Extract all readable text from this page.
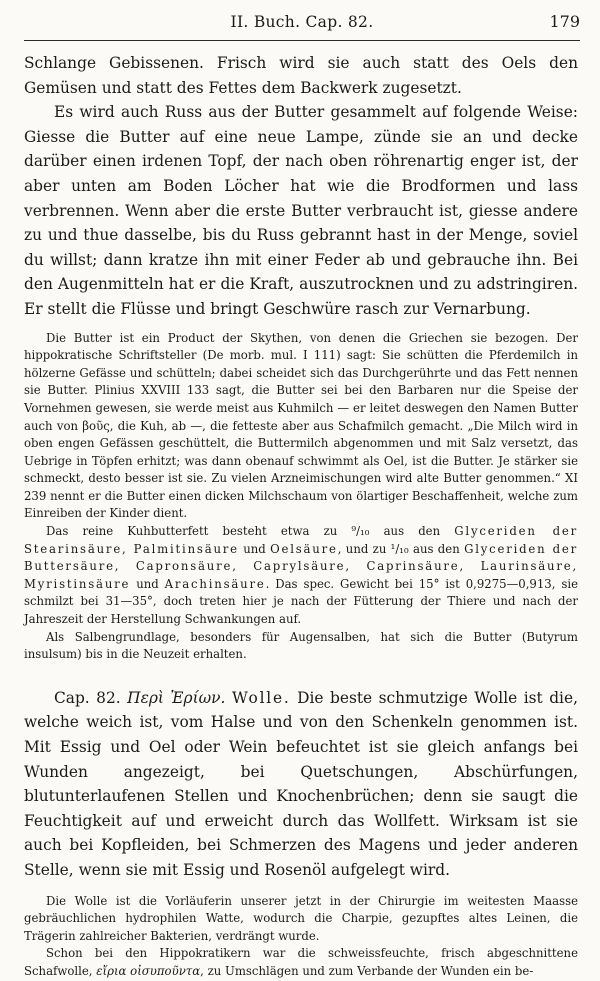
II. Buch. Cap. 82.	179

Schlange Gebissenen. Frisch wird sie auch statt des Oels den Gemüsen und statt des Fettes dem Backwerk zugesetzt.

Es wird auch Russ aus der Butter gesammelt auf folgende Weise: Giesse die Butter auf eine neue Lampe, zünde sie an und decke darüber einen irdenen Topf, der nach oben röhrenartig enger ist, der aber unten am Boden Löcher hat wie die Brodformen und lass verbrennen. Wenn aber die erste Butter verbraucht ist, giesse andere zu und thue dasselbe, bis du Russ gebrannt hast in der Menge, soviel du willst; dann kratze ihn mit einer Feder ab und gebrauche ihn. Bei den Augenmitteln hat er die Kraft, auszutrocknen und zu adstringiren. Er stellt die Flüsse und bringt Geschwüre rasch zur Vernarbung.

Die Butter ist ein Product der Skythen, von denen die Griechen sie bezogen. Der hippokratische Schriftsteller (De morb. mul. I 111) sagt: Sie schütten die Pferdemilch in hölzerne Gefässe und schütteln; dabei scheidet sich das Durchgerührte und das Fett nennen sie Butter. Plinius XXVIII 133 sagt, die Butter sei bei den Barbaren nur die Speise der Vornehmen gewesen, sie werde meist aus Kuhmilch — er leitet deswegen den Namen Butter auch von βοῦς, die Kuh, ab —, die fetteste aber aus Schafmilch gemacht. „Die Milch wird in oben engen Gefässen geschüttelt, die Buttermilch abgenommen und mit Salz versetzt, das Uebrige in Töpfen erhitzt; was dann obenauf schwimmt als Oel, ist die Butter. Je stärker sie schmeckt, desto besser ist sie. Zu vielen Arzneimischungen wird alte Butter genommen.“ XI 239 nennt er die Butter einen dicken Milchschaum von ölartiger Beschaffenheit, welche zum Einreiben der Kinder dient.

Das reine Kuhbutterfett besteht etwa zu ⁹/₁₀ aus den Glyceriden der Stearinsäure, Palmitinsäure und Oelsäure, und zu ¹/₁₀ aus den Glyceriden der Buttersäure, Capronsäure, Caprylsäure, Caprinsäure, Laurinsäure, Myristinsäure und Arachinsäure. Das spec. Gewicht bei 15° ist 0,9275—0,913, sie schmilzt bei 31—35°, doch treten hier je nach der Fütterung der Thiere und nach der Jahreszeit der Herstellung Schwankungen auf.

Als Salbengrundlage, besonders für Augensalben, hat sich die Butter (Butyrum insulsum) bis in die Neuzeit erhalten.

Cap. 82. Περὶ Ἐρίων. Wolle. Die beste schmutzige Wolle ist die, welche weich ist, vom Halse und von den Schenkeln genommen ist. Mit Essig und Oel oder Wein befeuchtet ist sie gleich anfangs bei Wunden angezeigt, bei Quetschungen, Abschürfungen, blutunterlaufenen Stellen und Knochenbrüchen; denn sie saugt die Feuchtigkeit auf und erweicht durch das Wollfett. Wirksam ist sie auch bei Kopfleiden, bei Schmerzen des Magens und jeder anderen Stelle, wenn sie mit Essig und Rosenöl aufgelegt wird.

Die Wolle ist die Vorläuferin unserer jetzt in der Chirurgie im weitesten Maasse gebräuchlichen hydrophilen Watte, wodurch die Charpie, gezupftes altes Leinen, die Trägerin zahlreicher Bakterien, verdrängt wurde.

Schon bei den Hippokratikern war die schweissfeuchte, frisch abgeschnittene Schafwolle, εἴρια οἰσυποῦντα, zu Umschlägen und zum Verbande der Wunden ein be-
